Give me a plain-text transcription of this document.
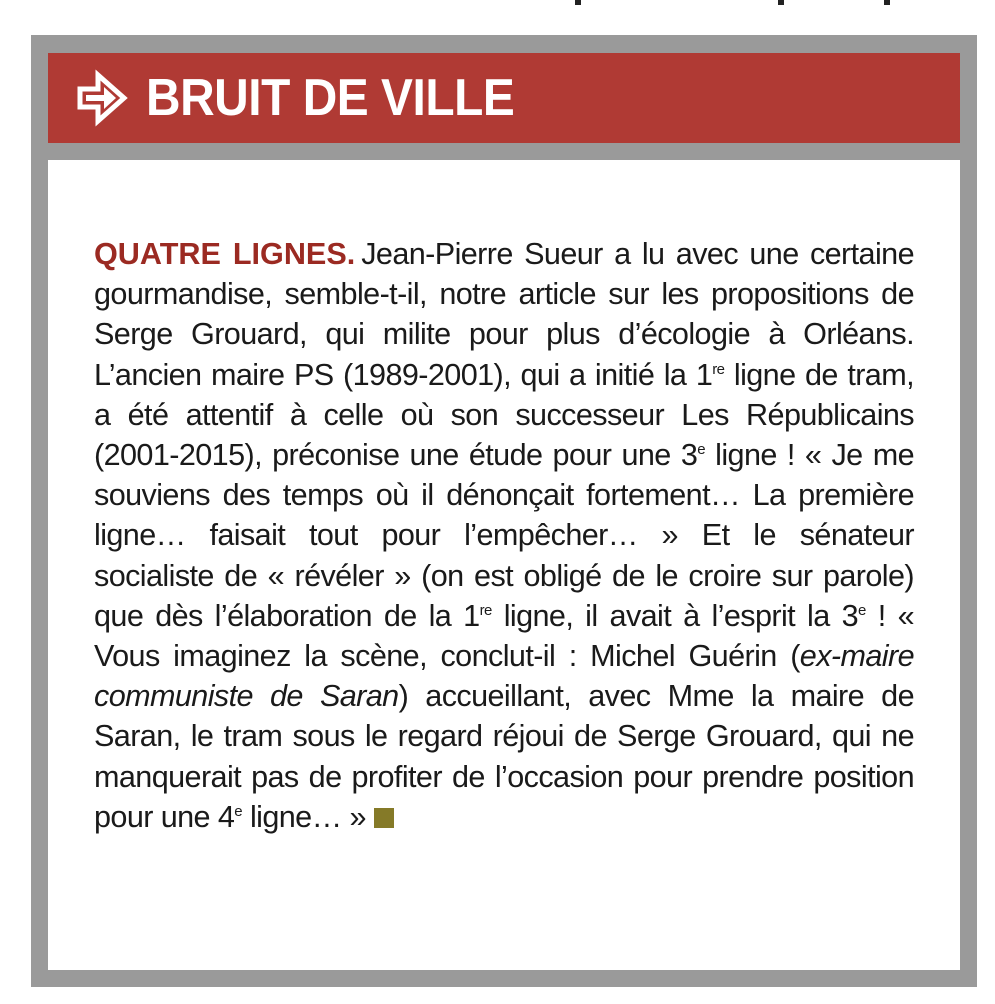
BRUIT DE VILLE

QUATRE LIGNES. Jean-Pierre Sueur a lu avec une certaine gourmandise, semble-t-il, notre article sur les propositions de Serge Grouard, qui milite pour plus d’écologie à Orléans. L’ancien maire PS (1989-2001), qui a initié la 1re ligne de tram, a été attentif à celle où son successeur Les Républicains (2001-2015), préconise une étude pour une 3e ligne ! « Je me souviens des temps où il dénonçait fortement… La première ligne… faisait tout pour l’empêcher… » Et le sénateur socialiste de « révéler » (on est obligé de le croire sur parole) que dès l’élaboration de la 1re ligne, il avait à l’esprit la 3e ! « Vous imaginez la scène, conclut-il : Michel Guérin (ex-maire communiste de Saran) accueillant, avec Mme la maire de Saran, le tram sous le regard réjoui de Serge Grouard, qui ne manquerait pas de profiter de l’occasion pour prendre position pour une 4e ligne… »
